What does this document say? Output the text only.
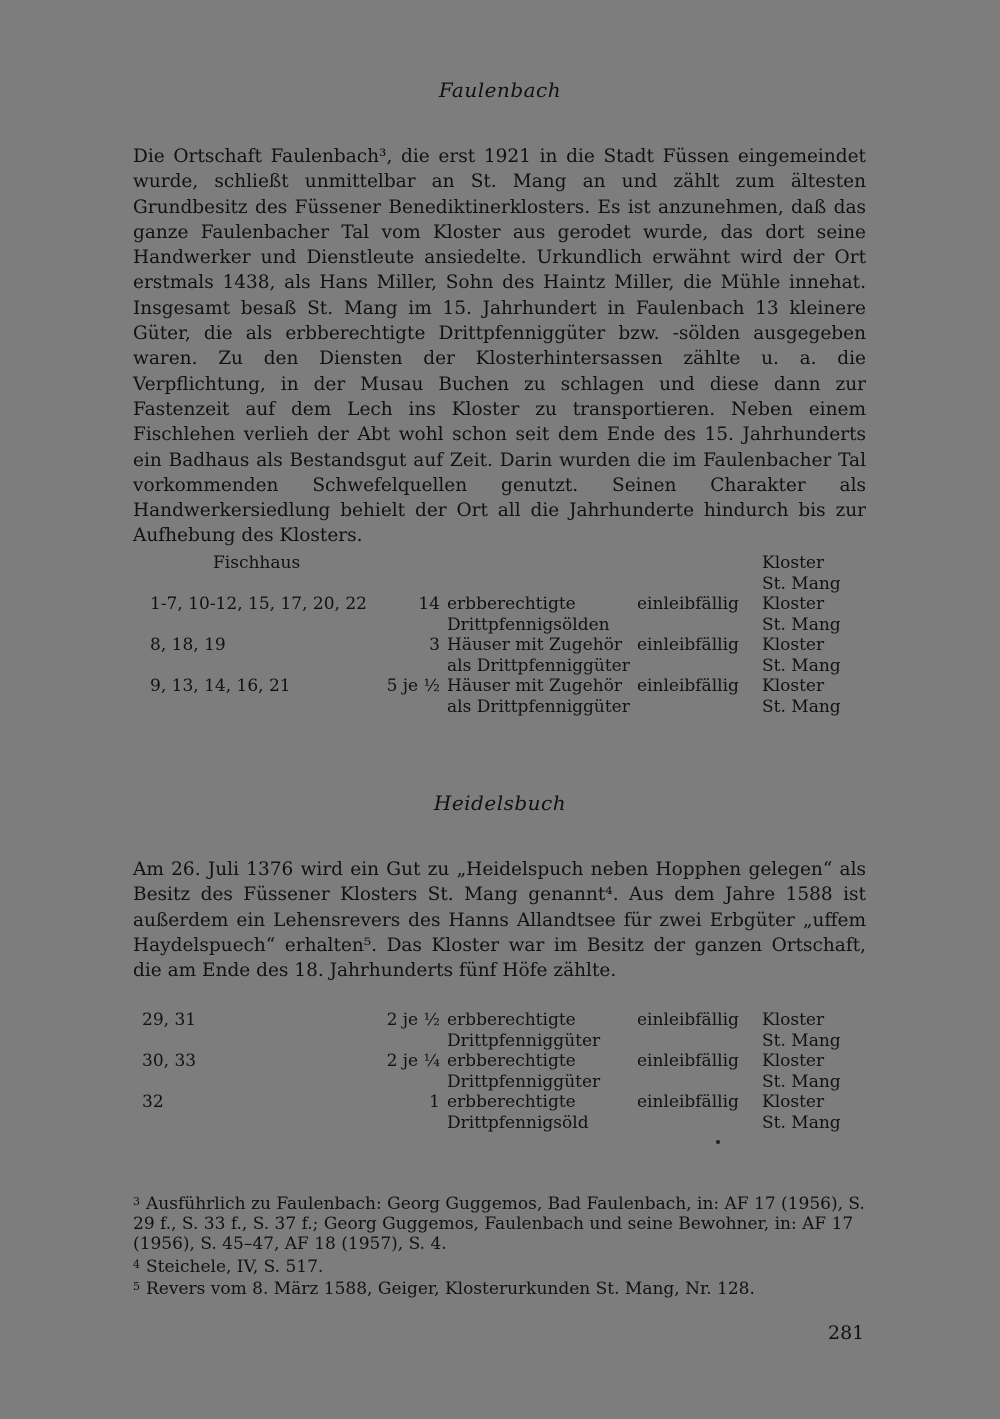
Faulenbach

Die Ortschaft Faulenbach³, die erst 1921 in die Stadt Füssen eingemeindet wurde, schließt unmittelbar an St. Mang an und zählt zum ältesten Grundbesitz des Füssener Benediktinerklosters. Es ist anzunehmen, daß das ganze Faulenbacher Tal vom Kloster aus gerodet wurde, das dort seine Handwerker und Dienstleute ansiedelte. Urkundlich erwähnt wird der Ort erstmals 1438, als Hans Miller, Sohn des Haintz Miller, die Mühle innehat. Insgesamt besaß St. Mang im 15. Jahrhundert in Faulenbach 13 kleinere Güter, die als erbberechtigte Drittpfenniggüter bzw. -sölden ausgegeben waren. Zu den Diensten der Klosterhintersassen zählte u. a. die Verpflichtung, in der Musau Buchen zu schlagen und diese dann zur Fastenzeit auf dem Lech ins Kloster zu transportieren. Neben einem Fischlehen verlieh der Abt wohl schon seit dem Ende des 15. Jahrhunderts ein Badhaus als Bestandsgut auf Zeit. Darin wurden die im Faulenbacher Tal vorkommenden Schwefelquellen genutzt. Seinen Charakter als Handwerkersiedlung behielt der Ort all die Jahrhunderte hindurch bis zur Aufhebung des Klosters.

Fischhaus	Kloster
St. Mang
1-7, 10-12, 15, 17, 20, 22	14 erbberechtigte
Drittpfennigsölden
einleibfällig Kloster
St. Mang
8, 18, 19	3 Häuser mit Zugehör
als Drittpfenniggüter
einleibfällig Kloster
St. Mang
9, 13, 14, 16, 21	5 je ½ Häuser mit Zugehör
als Drittpfenniggüter
einleibfällig Kloster
St. Mang
Heidelsbuch

Am 26. Juli 1376 wird ein Gut zu „Heidelspuch neben Hopphen gelegen“ als Besitz des Füssener Klosters St. Mang genannt⁴. Aus dem Jahre 1588 ist außerdem ein Lehensrevers des Hanns Allandtsee für zwei Erbgüter „uffem Haydelspuech“ erhalten⁵. Das Kloster war im Besitz der ganzen Ortschaft, die am Ende des 18. Jahrhunderts fünf Höfe zählte.

29, 31	2 je ½ erbberechtigte
Drittpfenniggüter
einleibfällig Kloster
St. Mang
30, 33	2 je ¼ erbberechtigte
Drittpfenniggüter
einleibfällig Kloster
St. Mang
32	1 erbberechtigte
Drittpfennigsöld
einleibfällig Kloster
St. Mang

$^3$ Ausführlich zu Faulenbach: Georg Guggemos, Bad Faulenbach, in: AF 17 (1956), S. 29 f., S. 33 f., S. 37 f.; Georg Guggemos, Faulenbach und seine Bewohner, in: AF 17 (1956), S. 45–47, AF 18 (1957), S. 4.

$^4$ Steichele, IV, S. 517.

$^5$ Revers vom 8. März 1588, Geiger, Klosterurkunden St. Mang, Nr. 128.

281
